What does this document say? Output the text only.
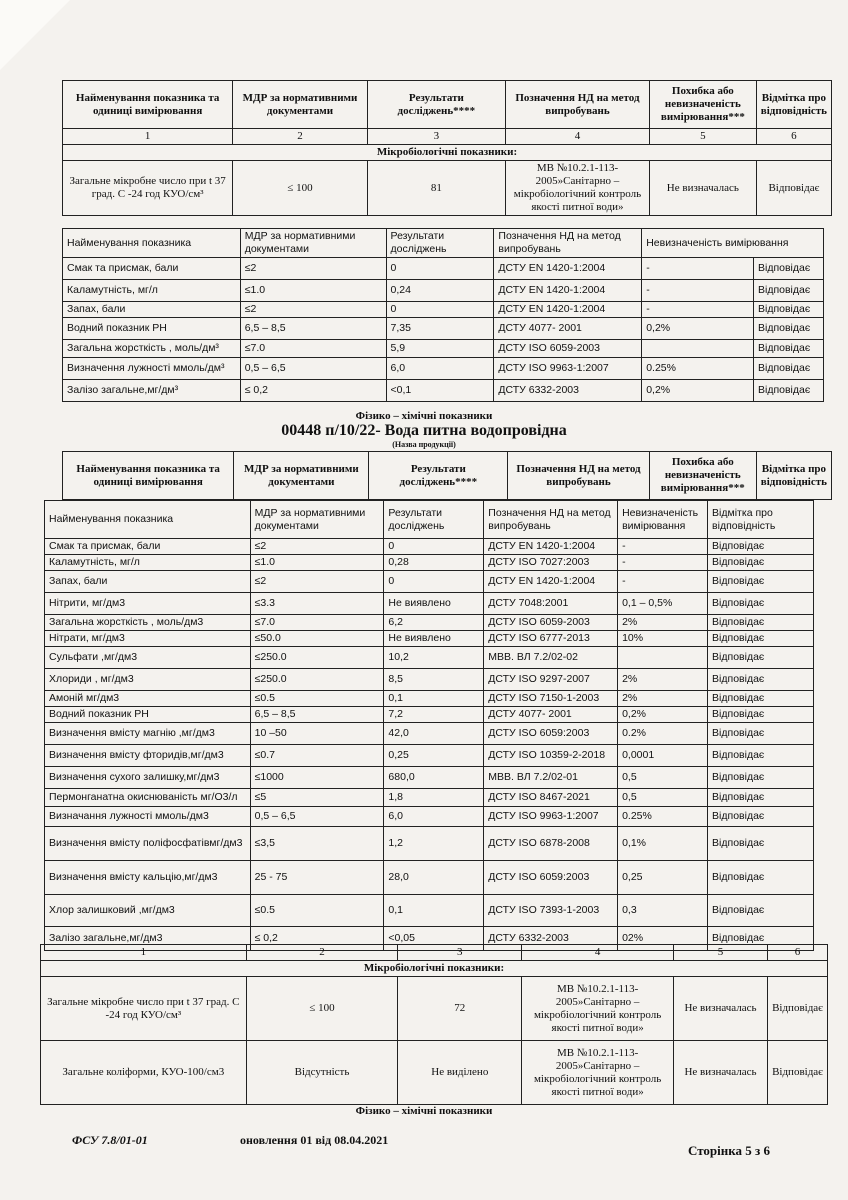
Найменування показника та одиниці вимірювання	МДР за нормативними документами	Результати досліджень****	Позначення НД на метод випробувань	Похибка або невизначеність вимірювання***	Відмітка про відповідність
1	2	3	4	5	6
Мікробіологічні показники:					
Загальне мікробне число при t 37 град. С -24 год КУО/см³	≤ 100	81	МВ №10.2.1-113-2005»Санітарно – мікробіологічний контроль якості питної води»	Не визначалась	Відповідає
Найменування показника	МДР за нормативними документами	Результати досліджень	Позначення НД на метод випробувань	Невизначеність вимірювання	
Смак та присмак, бали	≤2	0	ДСТУ EN 1420-1:2004	-	Відповідає
Каламутність, мг/л	≤1.0	0,24	ДСТУ EN 1420-1:2004	-	Відповідає
Запах, бали	≤2	0	ДСТУ EN 1420-1:2004	-	Відповідає
Водний показник РН	6,5 – 8,5	7,35	ДСТУ 4077- 2001	0,2%	Відповідає
Загальна жорсткість , моль/дм³	≤7.0	5,9	ДСТУ ISO 6059-2003		Відповідає
Визначення лужності ммоль/дм³	0,5 – 6,5	6,0	ДСТУ ISO 9963-1:2007	0.25%	Відповідає
Залізо загальне,мг/дм³	≤ 0,2	<0,1	ДСТУ 6332-2003	0,2%	Відповідає
Фізико – хімічні показники
00448 п/10/22- Вода питна водопровідна
(Назва продукції)
Найменування показника та одиниці вимірювання	МДР за нормативними документами	Результати досліджень****	Позначення НД на метод випробувань	Похибка або невизначеність вимірювання***	Відмітка про відповідність
Найменування показника	МДР за нормативними документами	Результати досліджень	Позначення НД на метод випробувань	Невизначеність вимірювання	Відмітка про відповідність
Смак та присмак, бали	≤2	0	ДСТУ EN 1420-1:2004	-	Відповідає
Каламутність, мг/л	≤1.0	0,28	ДСТУ ISO 7027:2003	-	Відповідає
Запах, бали	≤2	0	ДСТУ EN 1420-1:2004	-	Відповідає
Нітрити, мг/дм3	≤3.3	Не виявлено	ДСТУ 7048:2001	0,1 – 0,5%	Відповідає
Загальна жорсткість , моль/дм3	≤7.0	6,2	ДСТУ ISO 6059-2003	2%	Відповідає
Нітрати, мг/дм3	≤50.0	Не виявлено	ДСТУ ISO 6777-2013	10%	Відповідає
Сульфати ,мг/дм3	≤250.0	10,2	МВВ. ВЛ 7.2/02-02		Відповідає
Хлориди , мг/дм3	≤250.0	8,5	ДСТУ ISO 9297-2007	2%	Відповідає
Амоній мг/дм3	≤0.5	0,1	ДСТУ ISO 7150-1-2003	2%	Відповідає
Водний показник РН	6,5 – 8,5	7,2	ДСТУ 4077- 2001	0,2%	Відповідає
Визначення вмісту магнію ,мг/дм3	10 –50	42,0	ДСТУ ISO 6059:2003	0.2%	Відповідає
Визначення вмісту фторидів,мг/дм3	≤0.7	0,25	ДСТУ ISO 10359-2-2018	0,0001	Відповідає
Визначення сухого залишку,мг/дм3	≤1000	680,0	МВВ. ВЛ 7.2/02-01	0,5	Відповідає
Пермонганатна окиснювaність мг/О3/л	≤5	1,8	ДСТУ ISO 8467-2021	0,5	Відповідає
Визначання лужності ммоль/дм3	0,5 – 6,5	6,0	ДСТУ ISO 9963-1:2007	0.25%	Відповідає
Визначення вмісту поліфосфатівмг/дм3	≤3,5	1,2	ДСТУ ISO 6878-2008	0,1%	Відповідає
Визначення вмісту кальцію,мг/дм3	25 - 75	28,0	ДСТУ ISO 6059:2003	0,25	Відповідає
Хлор залишковий ,мг/дм3	≤0.5	0,1	ДСТУ ISO 7393-1-2003	0,3	Відповідає
Залізо загальне,мг/дм3	≤ 0,2	<0,05	ДСТУ 6332-2003	02%	Відповідає
1	2	3	4	5	6
Мікробіологічні показники:					
Загальне мікробне число при t 37 град. С -24 год КУО/см³	≤ 100	72	МВ №10.2.1-113-2005»Санітарно – мікробіологічний контроль якості питної води»	Не визначалась	Відповідає
Загальне коліформи, КУО-100/см3	Відсутність	Не виділено	МВ №10.2.1-113-2005»Санітарно – мікробіологічний контроль якості питної води»	Не визначалась	Відповідає
Фізико – хімічні показники
ФСУ 7.8/01-01	оновлення 01 від 08.04.2021
Сторінка 5 з 6
